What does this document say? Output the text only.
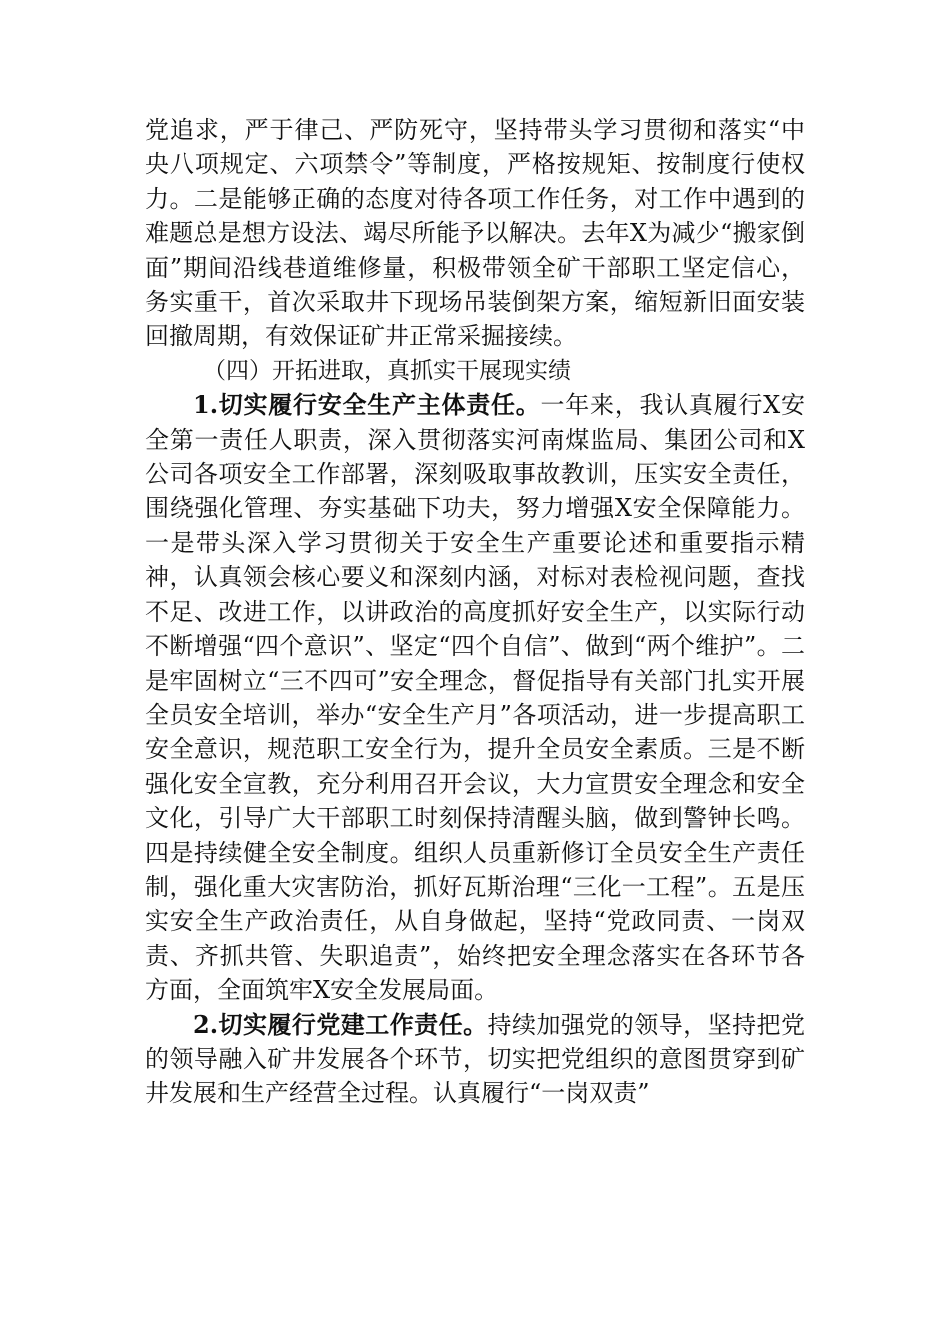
党追求，严于律己、严防死守，坚持带头学习贯彻和落实“中央八项规定、六项禁令”等制度，严格按规矩、按制度行使权力。二是能够正确的态度对待各项工作任务，对工作中遇到的难题总是想方设法、竭尽所能予以解决。去年X为减少“搬家倒面”期间沿线巷道维修量，积极带领全矿干部职工坚定信心，务实重干，首次采取井下现场吊装倒架方案，缩短新旧面安装回撤周期，有效保证矿井正常采掘接续。

（四）开拓进取，真抓实干展现实绩

1.切实履行安全生产主体责任。一年来，我认真履行X安全第一责任人职责，深入贯彻落实河南煤监局、集团公司和X公司各项安全工作部署，深刻吸取事故教训，压实安全责任，围绕强化管理、夯实基础下功夫，努力增强X安全保障能力。一是带头深入学习贯彻关于安全生产重要论述和重要指示精神，认真领会核心要义和深刻内涵，对标对表检视问题，查找不足、改进工作，以讲政治的高度抓好安全生产，以实际行动不断增强“四个意识”、坚定“四个自信”、做到“两个维护”。二是牢固树立“三不四可”安全理念，督促指导有关部门扎实开展全员安全培训，举办“安全生产月”各项活动，进一步提高职工安全意识，规范职工安全行为，提升全员安全素质。三是不断强化安全宣教，充分利用召开会议，大力宣贯安全理念和安全文化，引导广大干部职工时刻保持清醒头脑，做到警钟长鸣。四是持续健全安全制度。组织人员重新修订全员安全生产责任制，强化重大灾害防治，抓好瓦斯治理“三化一工程”。五是压实安全生产政治责任，从自身做起，坚持“党政同责、一岗双责、齐抓共管、失职追责”，始终把安全理念落实在各环节各方面，全面筑牢X安全发展局面。

2.切实履行党建工作责任。持续加强党的领导，坚持把党的领导融入矿井发展各个环节，切实把党组织的意图贯穿到矿井发展和生产经营全过程。认真履行“一岗双责”
